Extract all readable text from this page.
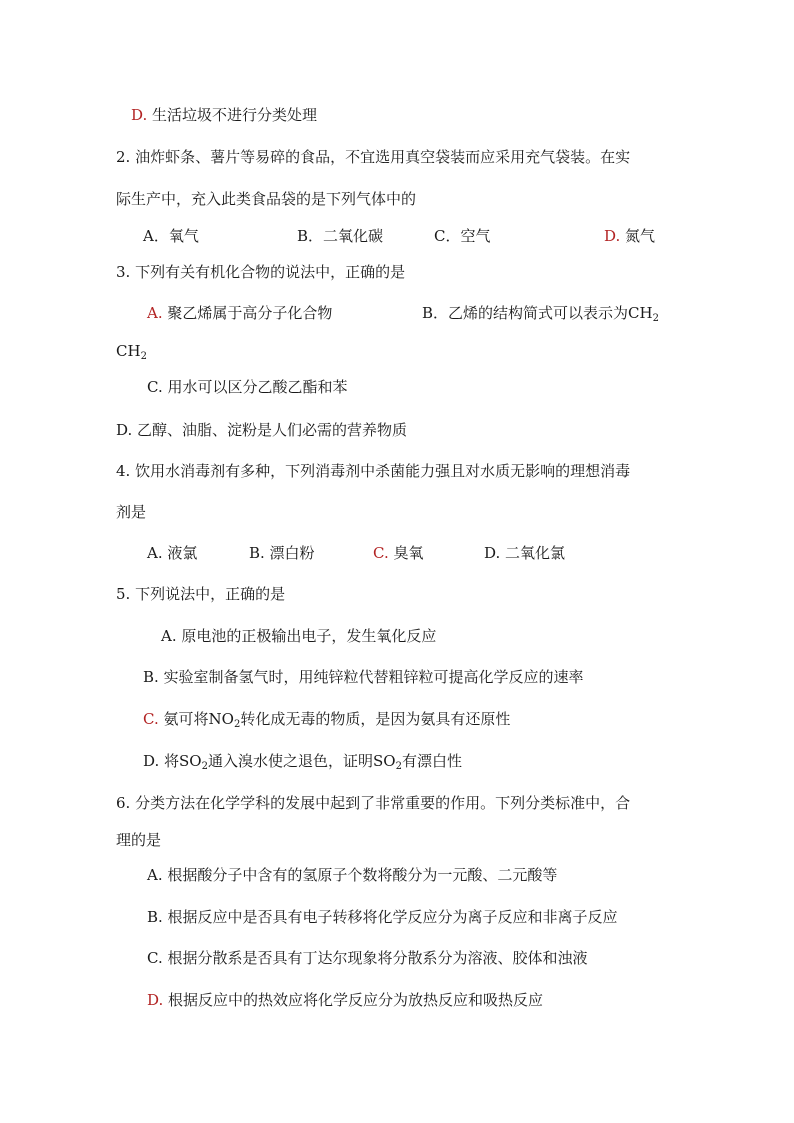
D. 生活垃圾不进行分类处理
2. 油炸虾条、薯片等易碎的食品，不宜选用真空袋装而应采用充气袋装。在实
际生产中，充入此类食品袋的是下列气体中的
A．氧气	B．二氧化碳	C．空气	D. 氮气
3. 下列有关有机化合物的说法中，正确的是
A. 聚乙烯属于高分子化合物	B．乙烯的结构简式可以表示为$CH_2$
$CH_2$
C. 用水可以区分乙酸乙酯和苯
D. 乙醇、油脂、淀粉是人们必需的营养物质
4. 饮用水消毒剂有多种，下列消毒剂中杀菌能力强且对水质无影响的理想消毒
剂是
A. 液氯	B. 漂白粉	C. 臭氧	D. 二氧化氯
5. 下列说法中，正确的是
A. 原电池的正极输出电子，发生氧化反应
B. 实验室制备氢气时，用纯锌粒代替粗锌粒可提高化学反应的速率
C. 氨可将$NO_2$转化成无毒的物质，是因为氨具有还原性
D. 将$SO_2$通入溴水使之退色，证明$SO_2$有漂白性
6. 分类方法在化学学科的发展中起到了非常重要的作用。下列分类标准中，合
理的是
A. 根据酸分子中含有的氢原子个数将酸分为一元酸、二元酸等
B. 根据反应中是否具有电子转移将化学反应分为离子反应和非离子反应
C. 根据分散系是否具有丁达尔现象将分散系分为溶液、胶体和浊液
D. 根据反应中的热效应将化学反应分为放热反应和吸热反应
